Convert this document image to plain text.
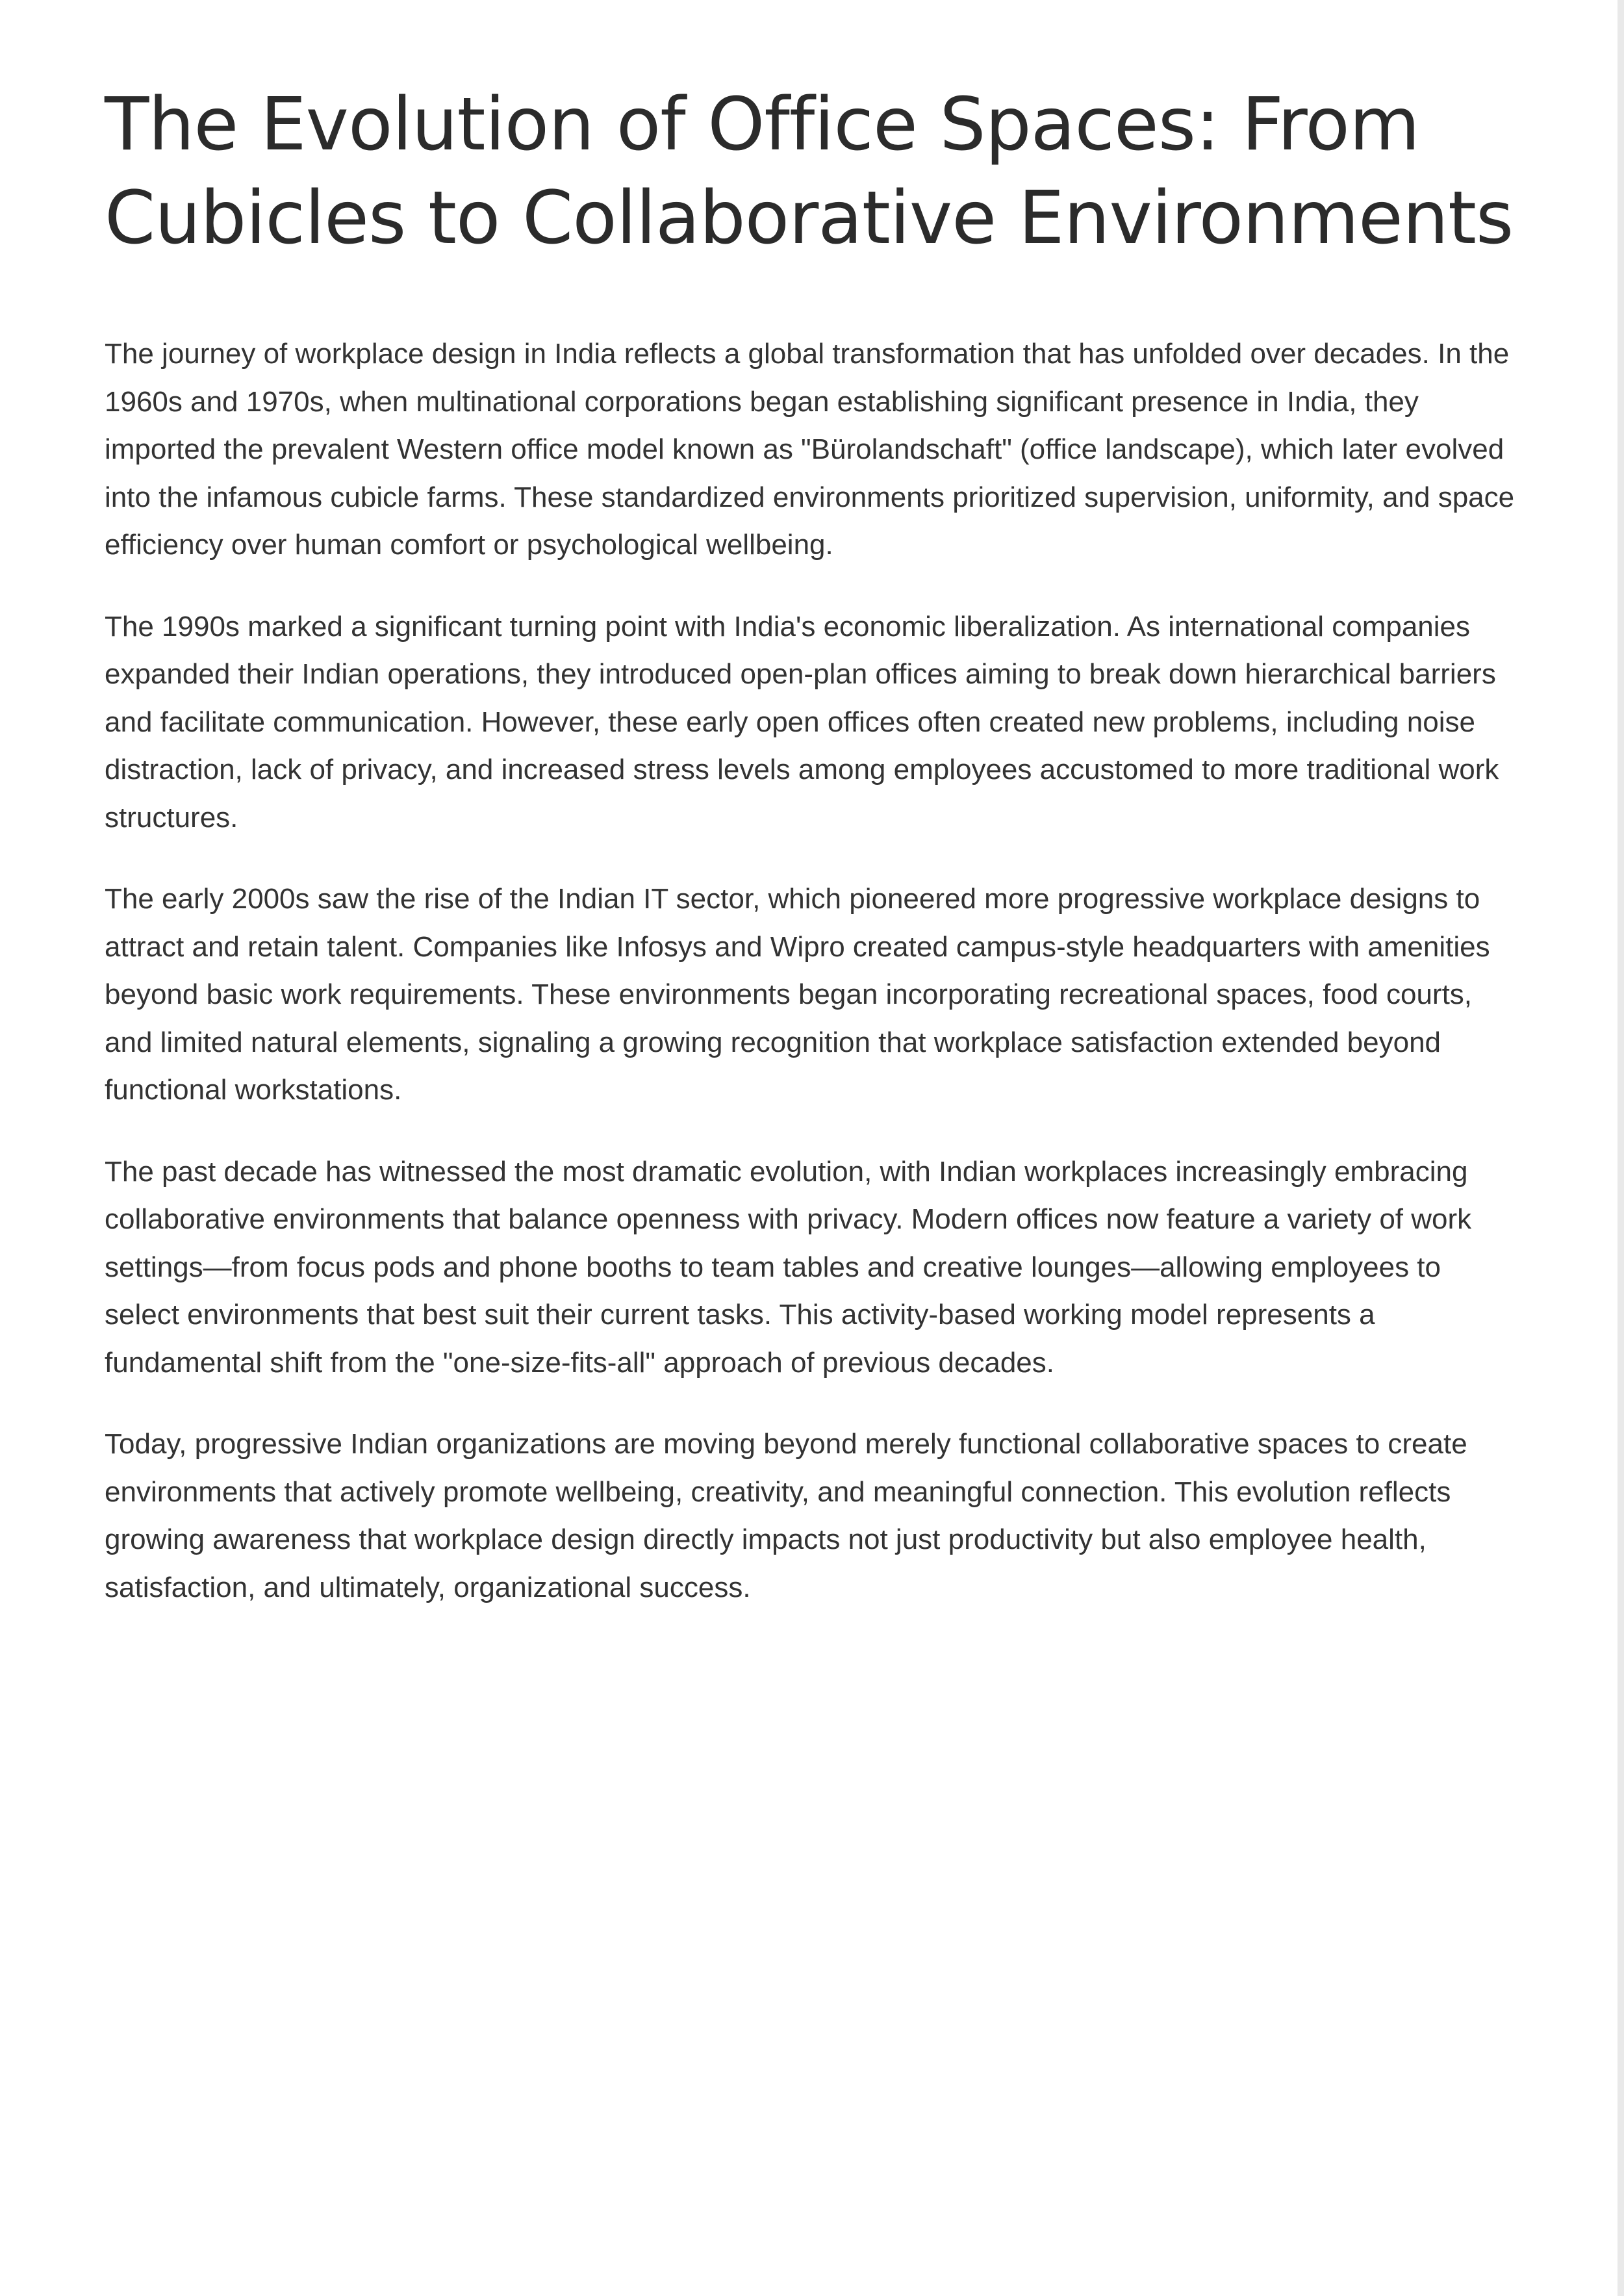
The Evolution of Office Spaces: From Cubicles to Collaborative Environments

The journey of workplace design in India reflects a global transformation that has unfolded over decades. In the 1960s and 1970s, when multinational corporations began establishing significant presence in India, they imported the prevalent Western office model known as "Bürolandschaft" (office landscape), which later evolved into the infamous cubicle farms. These standardized environments prioritized supervision, uniformity, and space efficiency over human comfort or psychological wellbeing.

The 1990s marked a significant turning point with India's economic liberalization. As international companies expanded their Indian operations, they introduced open-plan offices aiming to break down hierarchical barriers and facilitate communication. However, these early open offices often created new problems, including noise distraction, lack of privacy, and increased stress levels among employees accustomed to more traditional work structures.

The early 2000s saw the rise of the Indian IT sector, which pioneered more progressive workplace designs to attract and retain talent. Companies like Infosys and Wipro created campus-style headquarters with amenities beyond basic work requirements. These environments began incorporating recreational spaces, food courts, and limited natural elements, signaling a growing recognition that workplace satisfaction extended beyond functional workstations.

The past decade has witnessed the most dramatic evolution, with Indian workplaces increasingly embracing collaborative environments that balance openness with privacy. Modern offices now feature a variety of work settings—from focus pods and phone booths to team tables and creative lounges—allowing employees to select environments that best suit their current tasks. This activity-based working model represents a fundamental shift from the "one-size-fits-all" approach of previous decades.

Today, progressive Indian organizations are moving beyond merely functional collaborative spaces to create environments that actively promote wellbeing, creativity, and meaningful connection. This evolution reflects growing awareness that workplace design directly impacts not just productivity but also employee health, satisfaction, and ultimately, organizational success.
